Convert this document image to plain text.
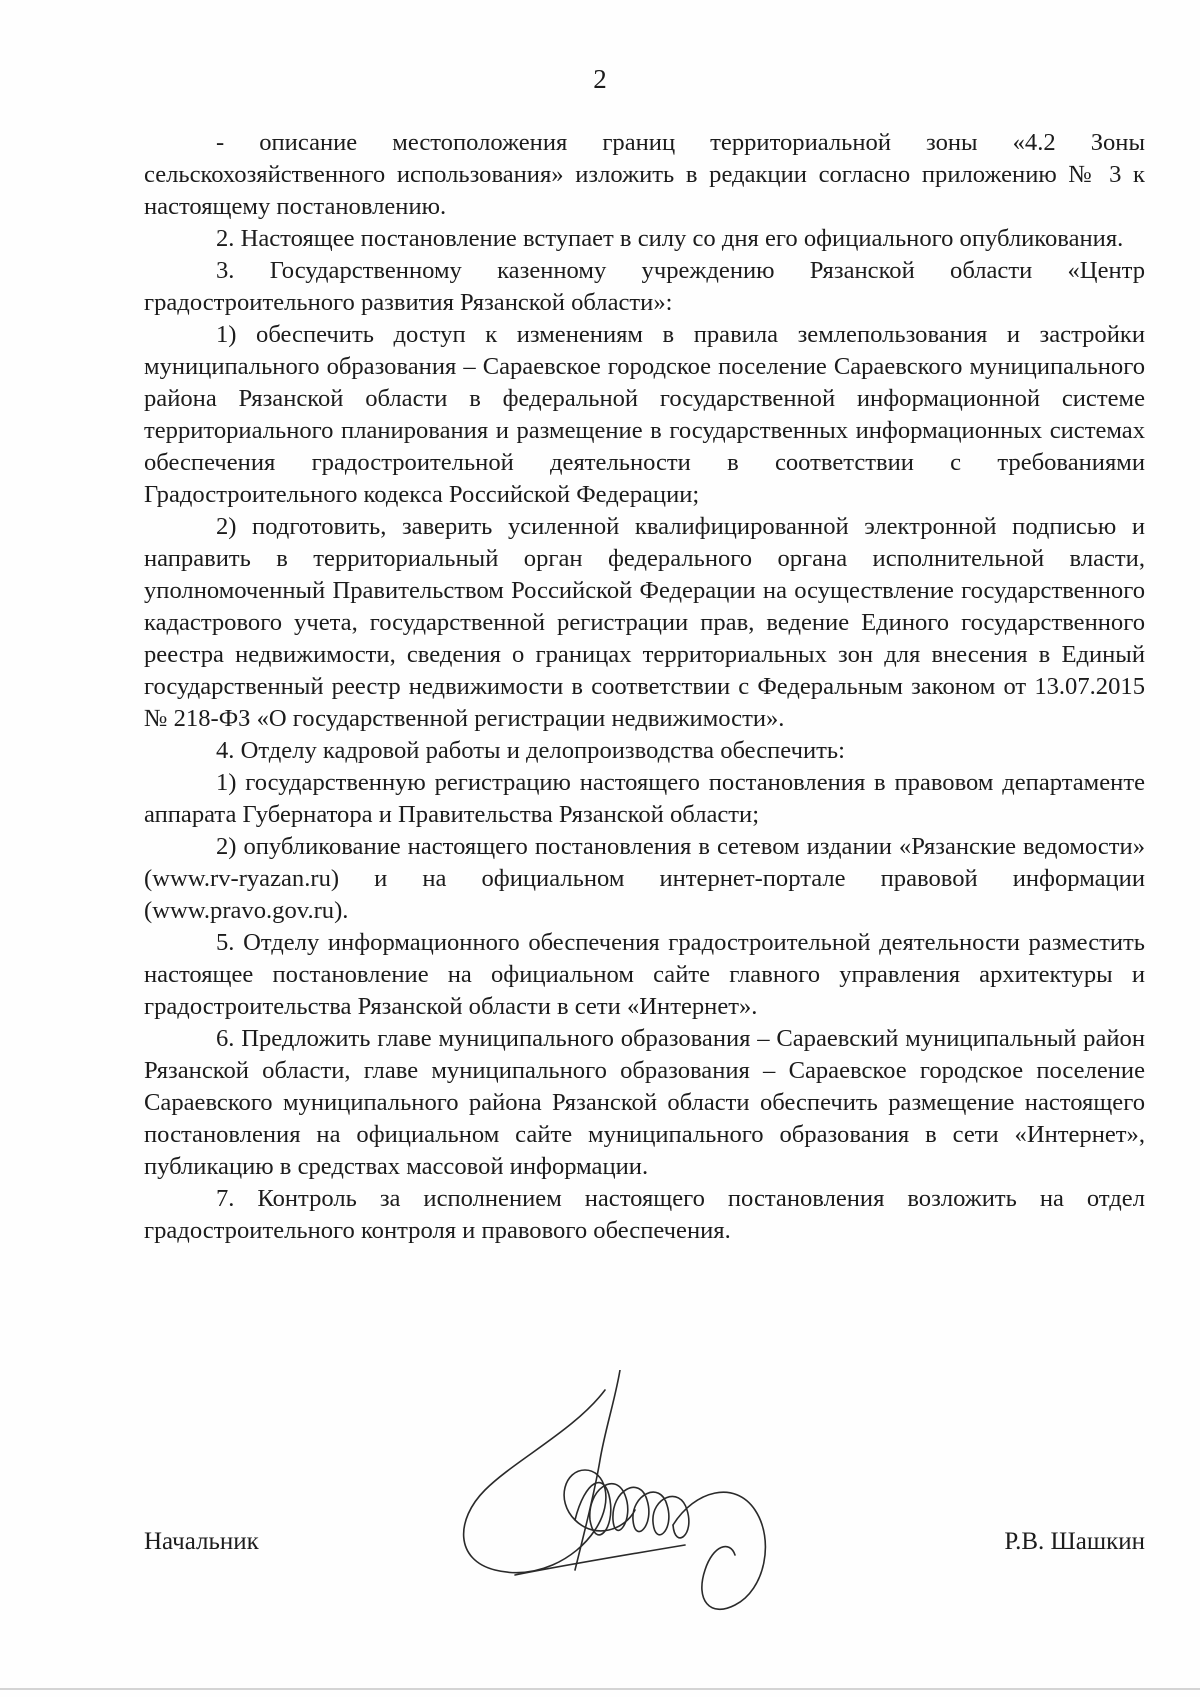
2

- описание местоположения границ территориальной зоны «4.2 Зоны сельскохозяйственного использования» изложить в редакции согласно приложению № 3 к настоящему постановлению.

2. Настоящее постановление вступает в силу со дня его официального опубликования.

3. Государственному казенному учреждению Рязанской области «Центр градостроительного развития Рязанской области»:

1) обеспечить доступ к изменениям в правила землепользования и застройки муниципального образования – Сараевское городское поселение Сараевского муниципального района Рязанской области в федеральной государственной информационной системе территориального планирования и размещение в государственных информационных системах обеспечения градостроительной деятельности в соответствии с требованиями Градостроительного кодекса Российской Федерации;

2) подготовить, заверить усиленной квалифицированной электронной подписью и направить в территориальный орган федерального органа исполнительной власти, уполномоченный Правительством Российской Федерации на осуществление государственного кадастрового учета, государственной регистрации прав, ведение Единого государственного реестра недвижимости, сведения о границах территориальных зон для внесения в Единый государственный реестр недвижимости в соответствии с Федеральным законом от 13.07.2015 № 218-ФЗ «О государственной регистрации недвижимости».

4. Отделу кадровой работы и делопроизводства обеспечить:

1) государственную регистрацию настоящего постановления в правовом департаменте аппарата Губернатора и Правительства Рязанской области;

2) опубликование настоящего постановления в сетевом издании «Рязанские ведомости» (www.rv-ryazan.ru) и на официальном интернет-портале правовой информации (www.pravo.gov.ru).

5. Отделу информационного обеспечения градостроительной деятельности разместить настоящее постановление на официальном сайте главного управления архитектуры и градостроительства Рязанской области в сети «Интернет».

6. Предложить главе муниципального образования – Сараевский муниципальный район Рязанской области, главе муниципального образования – Сараевское городское поселение Сараевского муниципального района Рязанской области обеспечить размещение настоящего постановления на официальном сайте муниципального образования в сети «Интернет», публикацию в средствах массовой информации.

7. Контроль за исполнением настоящего постановления возложить на отдел градостроительного контроля и правового обеспечения.

Начальник	Р.В. Шашкин
